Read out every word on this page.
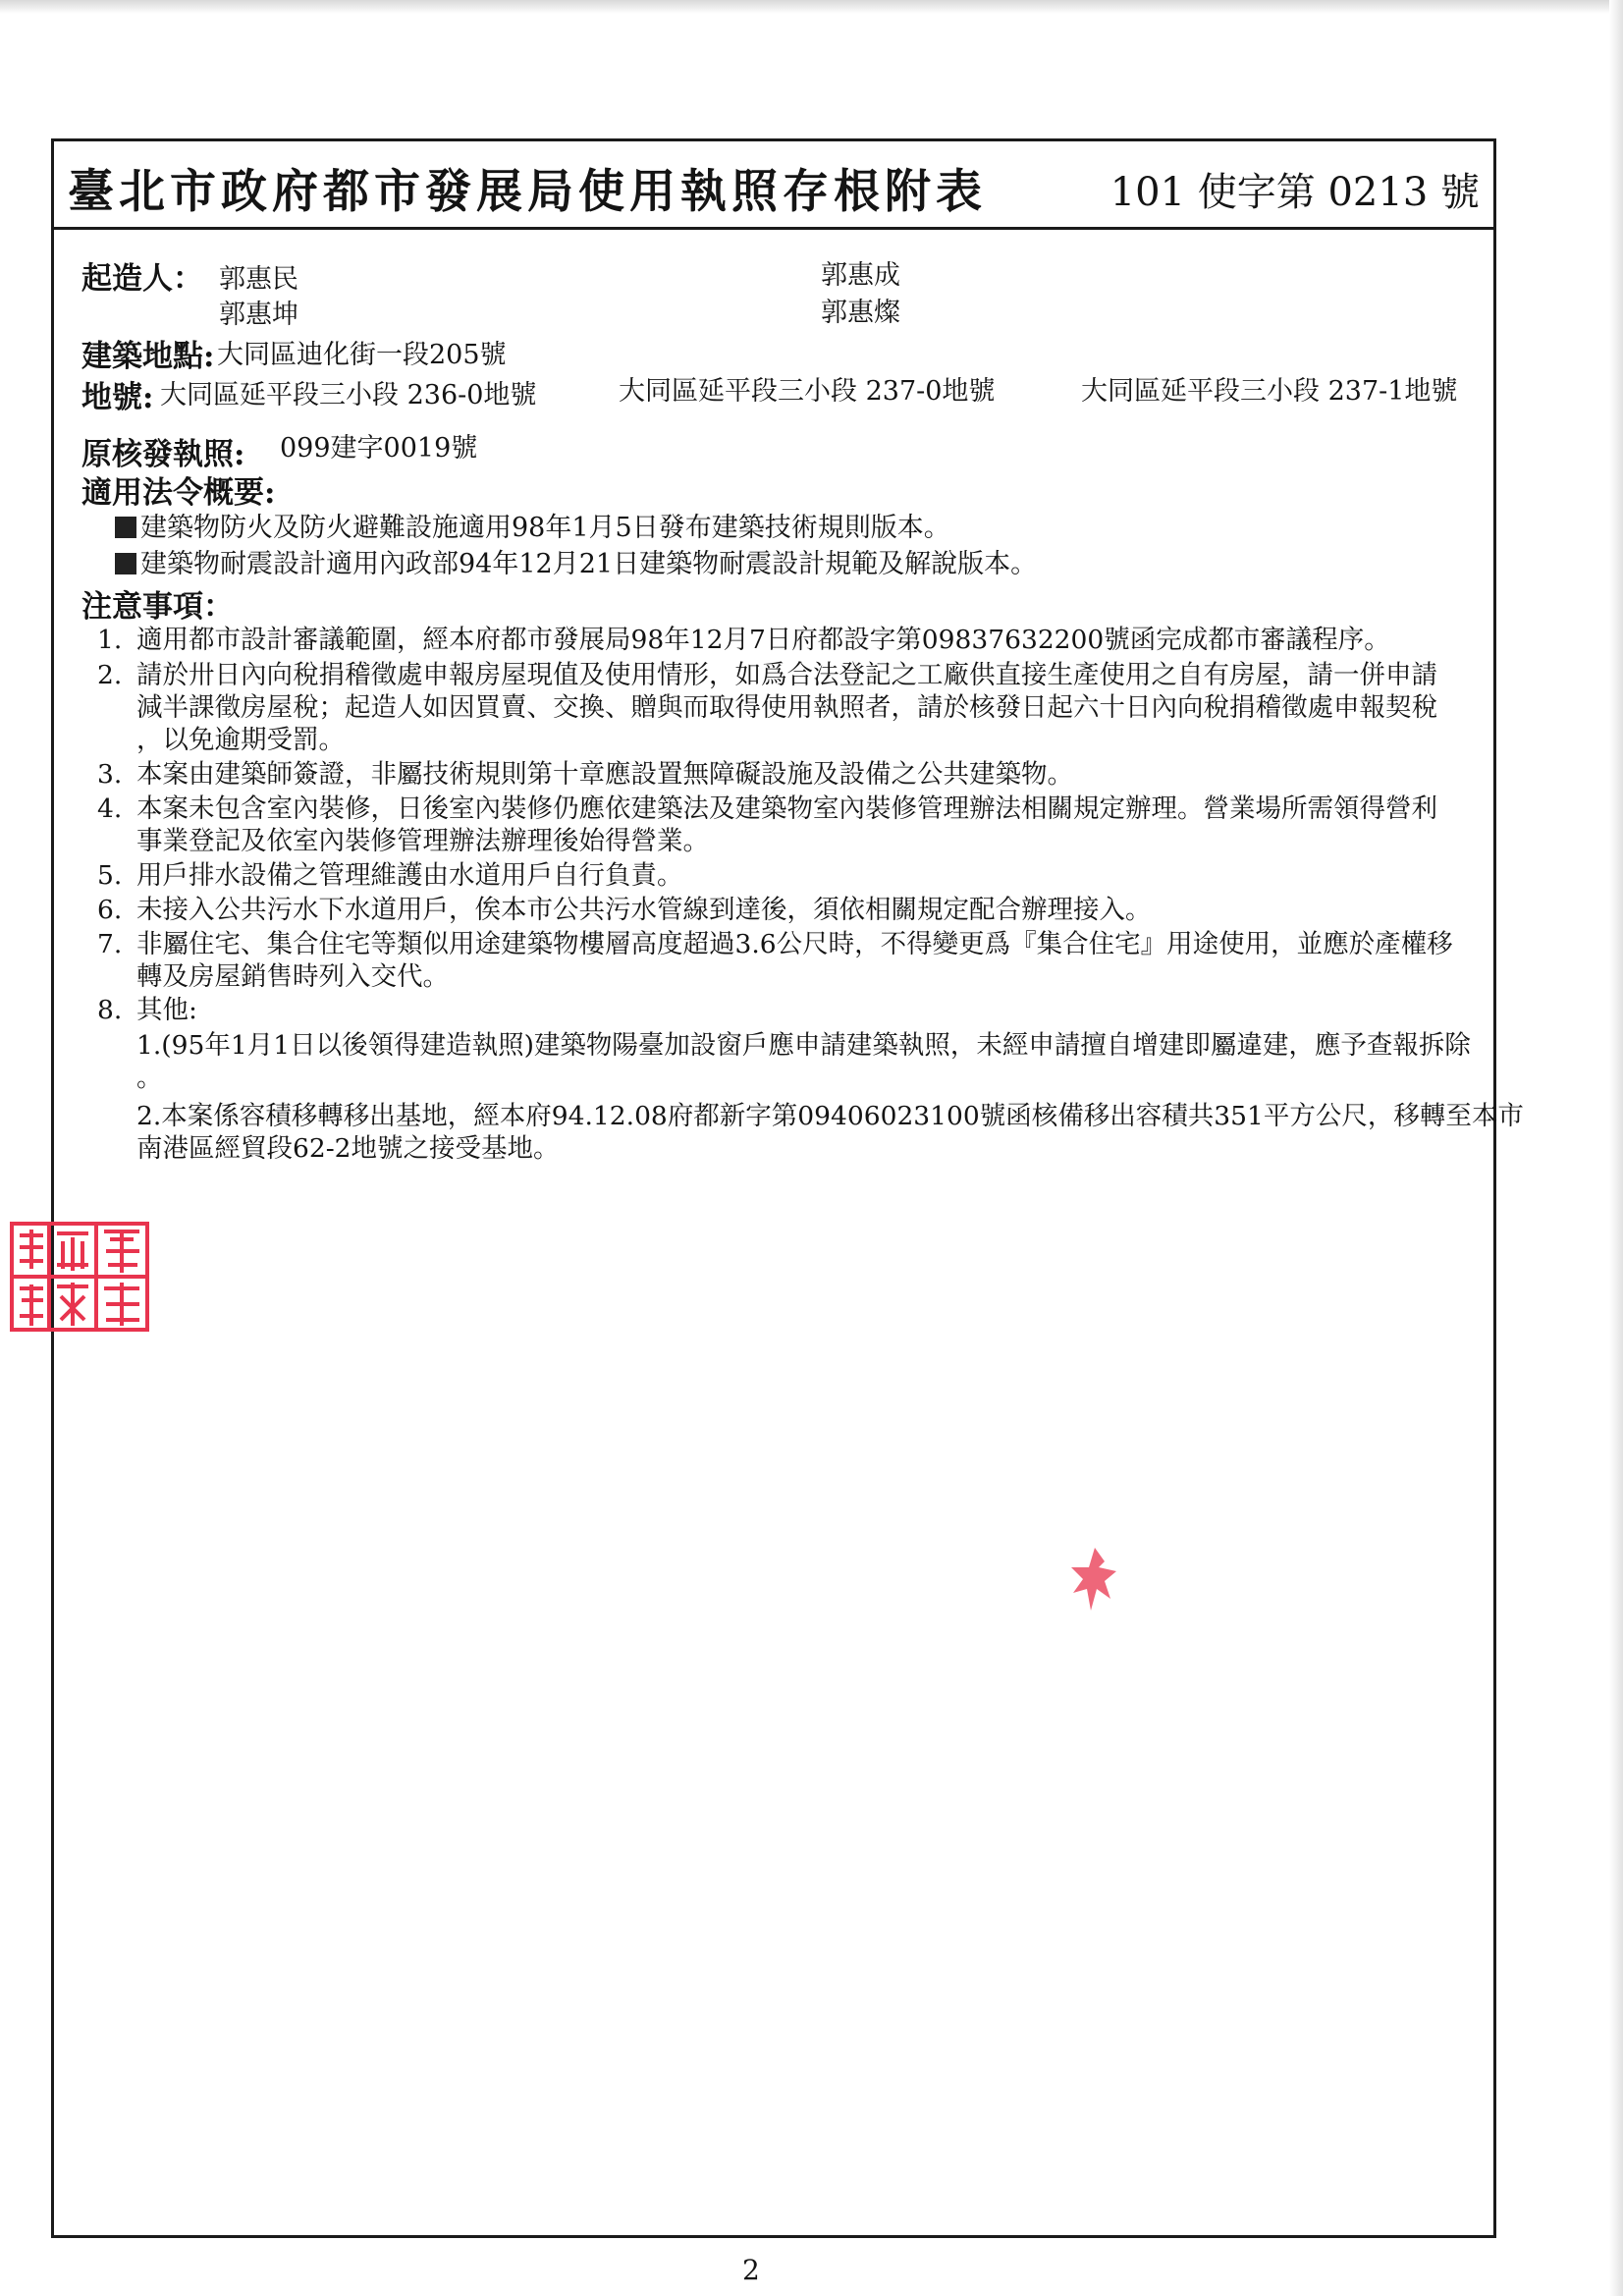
臺北市政府都市發展局使用執照存根附表	101 使字第 0213 號
起造人： 郭惠民	郭惠成
郭惠坤	郭惠燦
建築地點: 大同區迪化街一段205號
地號: 大同區延平段三小段 236-0地號	大同區延平段三小段 237-0地號	大同區延平段三小段 237-1地號
原核發執照: 099建字0019號
適用法令概要:
建築物防火及防火避難設施適用98年1月5日發布建築技術規則版本。
建築物耐震設計適用內政部94年12月21日建築物耐震設計規範及解說版本。
注意事項：
1. 適用都市設計審議範圍，經本府都市發展局98年12月7日府都設字第09837632200號函完成都市審議程序。
2. 請於卅日內向稅捐稽徵處申報房屋現值及使用情形，如爲合法登記之工廠供直接生產使用之自有房屋，請一併申請
減半課徵房屋稅；起造人如因買賣、交換、贈與而取得使用執照者，請於核發日起六十日內向稅捐稽徵處申報契稅
，以免逾期受罰。
3. 本案由建築師簽證，非屬技術規則第十章應設置無障礙設施及設備之公共建築物。
4. 本案未包含室內裝修，日後室內裝修仍應依建築法及建築物室內裝修管理辦法相關規定辦理。營業場所需領得營利
事業登記及依室內裝修管理辦法辦理後始得營業。
5. 用戶排水設備之管理維護由水道用戶自行負責。
6. 未接入公共污水下水道用戶，俟本市公共污水管線到達後，須依相關規定配合辦理接入。
7. 非屬住宅、集合住宅等類似用途建築物樓層高度超過3.6公尺時，不得變更爲『集合住宅』用途使用，並應於產權移
轉及房屋銷售時列入交代。
8. 其他:
1.(95年1月1日以後領得建造執照)建築物陽臺加設窗戶應申請建築執照，未經申請擅自增建即屬違建，應予查報拆除
。
2.本案係容積移轉移出基地，經本府94.12.08府都新字第09406023100號函核備移出容積共351平方公尺，移轉至本市
南港區經貿段62-2地號之接受基地。
2
